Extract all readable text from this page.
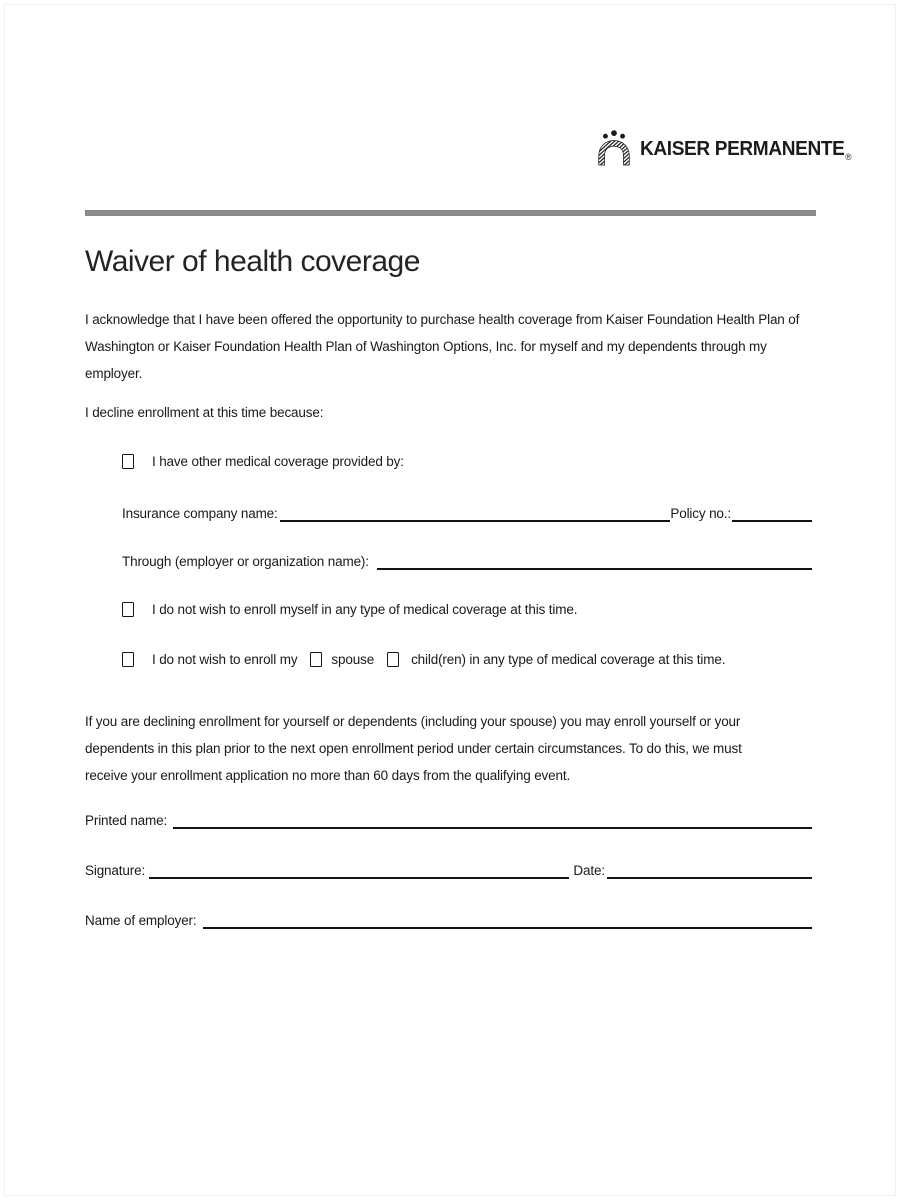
KAISER $PERMANENTE_®$
Waiver of health coverage
I acknowledge that I have been offered the opportunity to purchase health coverage from Kaiser Foundation Health Plan of
Washington or Kaiser Foundation Health Plan of Washington Options, Inc. for myself and my dependents through my employer.
I decline enrollment at this time because:
I have other medical coverage provided by:
Insurance company name:	Policy no.:
Through (employer or organization name):
I do not wish to enroll myself in any type of medical coverage at this time.
I do not wish to enroll my	spouse	child(ren) in any type of medical coverage at this time.
If you are declining enrollment for yourself or dependents (including your spouse) you may enroll yourself or your
dependents in this plan prior to the next open enrollment period under certain circumstances. To do this, we must
receive your enrollment application no more than 60 days from the qualifying event.
Printed name:
Signature:	Date:
Name of employer:
